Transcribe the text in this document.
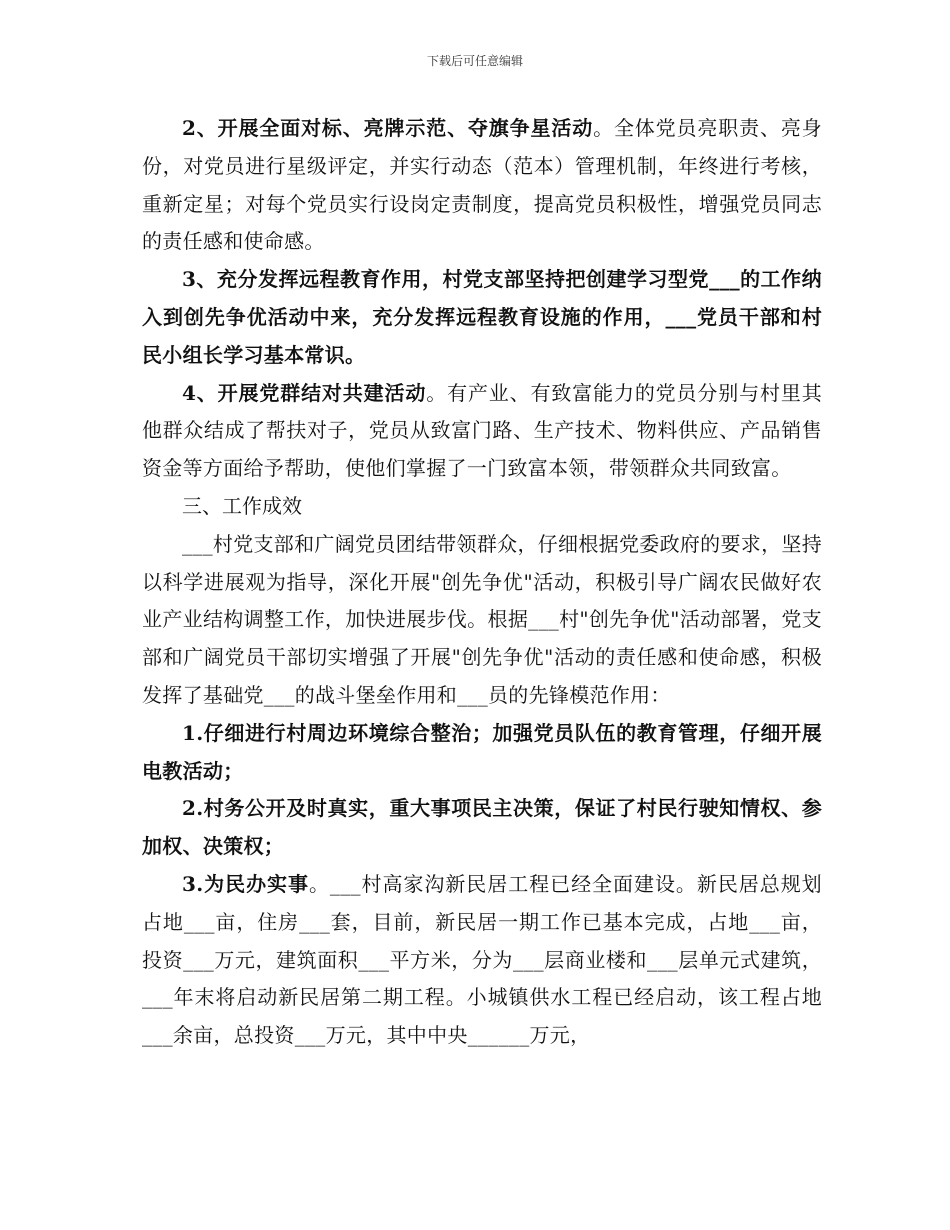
下载后可任意编辑

2、开展全面对标、亮牌示范、夺旗争星活动。全体党员亮职责、亮身份，对党员进行星级评定，并实行动态（范本）管理机制，年终进行考核，重新定星；对每个党员实行设岗定责制度，提高党员积极性，增强党员同志的责任感和使命感。

3、充分发挥远程教育作用，村党支部坚持把创建学习型党___的工作纳入到创先争优活动中来，充分发挥远程教育设施的作用，___党员干部和村民小组长学习基本常识。

4、开展党群结对共建活动。有产业、有致富能力的党员分别与村里其他群众结成了帮扶对子，党员从致富门路、生产技术、物料供应、产品销售资金等方面给予帮助，使他们掌握了一门致富本领，带领群众共同致富。

三、工作成效

___村党支部和广阔党员团结带领群众，仔细根据党委政府的要求，坚持以科学进展观为指导，深化开展"创先争优"活动，积极引导广阔农民做好农业产业结构调整工作，加快进展步伐。根据___村"创先争优"活动部署，党支部和广阔党员干部切实增强了开展"创先争优"活动的责任感和使命感，积极发挥了基础党___的战斗堡垒作用和___员的先锋模范作用：

1.仔细进行村周边环境综合整治；加强党员队伍的教育管理，仔细开展电教活动；

2.村务公开及时真实，重大事项民主决策，保证了村民行驶知情权、参加权、决策权；

3.为民办实事。___村高家沟新民居工程已经全面建设。新民居总规划占地___亩，住房___套，目前，新民居一期工作已基本完成，占地___亩，投资___万元，建筑面积___平方米，分为___层商业楼和___层单元式建筑，___年末将启动新民居第二期工程。小城镇供水工程已经启动，该工程占地___余亩，总投资___万元，其中中央______万元，
